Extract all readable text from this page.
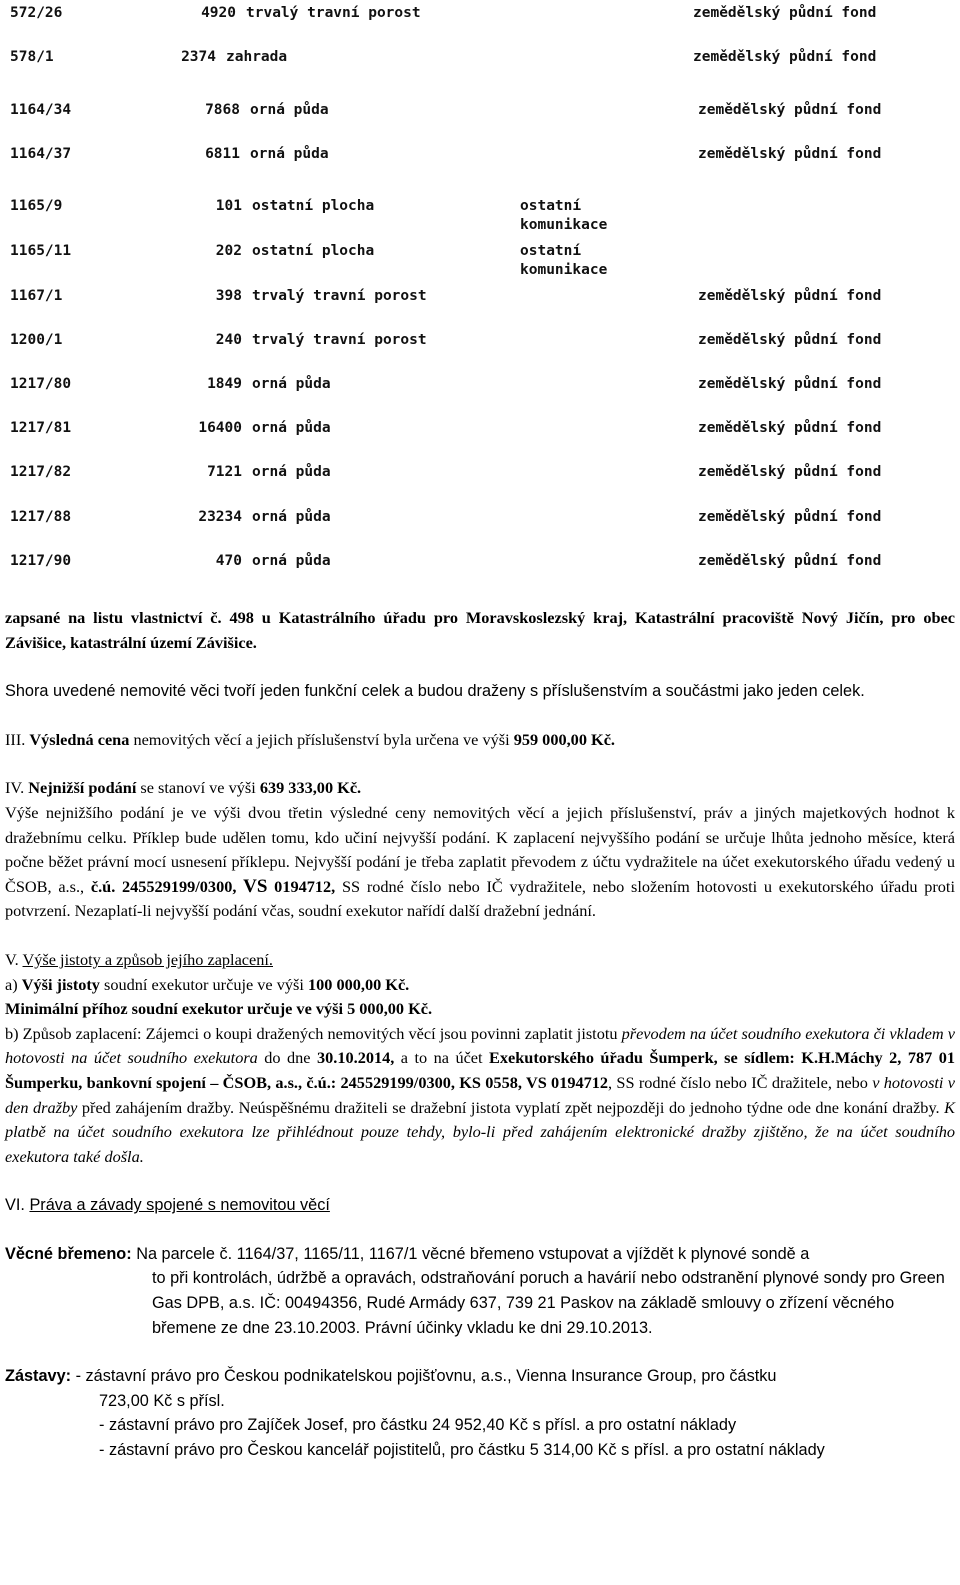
572/26	4920 trvalý travní porost	zemědělský půdní fond
578/1	2374 zahrada	zemědělský půdní fond
1164/34	7868 orná půda	zemědělský půdní fond
1164/37	6811 orná půda	zemědělský půdní fond
1165/9	101 ostatní plocha	ostatní komunikace
1165/11	202 ostatní plocha	ostatní komunikace
1167/1	398 trvalý travní porost	zemědělský půdní fond
1200/1	240 trvalý travní porost	zemědělský půdní fond
1217/80	1849 orná půda	zemědělský půdní fond
1217/81	16400 orná půda	zemědělský půdní fond
1217/82	7121 orná půda	zemědělský půdní fond
1217/88	23234 orná půda	zemědělský půdní fond
1217/90	470 orná půda	zemědělský půdní fond

zapsané na listu vlastnictví č. 498 u Katastrálního úřadu pro Moravskoslezský kraj, Katastrální pracoviště Nový Jičín, pro obec Závišice, katastrální území Závišice.

Shora uvedené nemovité věci tvoří jeden funkční celek a budou draženy s příslušenstvím a součástmi jako jeden celek.

III. Výsledná cena nemovitých věcí a jejich příslušenství byla určena ve výši 959 000,00 Kč.

IV. Nejnižší podání se stanoví ve výši 639 333,00 Kč.

Výše nejnižšího podání je ve výši dvou třetin výsledné ceny nemovitých věcí a jejich příslušenství, práv a jiných majetkových hodnot k dražebnímu celku. Příklep bude udělen tomu, kdo učiní nejvyšší podání. K zaplacení nejvyššího podání se určuje lhůta jednoho měsíce, která počne běžet právní mocí usnesení příklepu. Nejvyšší podání je třeba zaplatit převodem z účtu vydražitele na účet exekutorského úřadu vedený u ČSOB, a.s., č.ú. 245529199/0300, VS 0194712, SS rodné číslo nebo IČ vydražitele, nebo složením hotovosti u exekutorského úřadu proti potvrzení. Nezaplatí-li nejvyšší podání včas, soudní exekutor nařídí další dražební jednání.

V. Výše jistoty a způsob jejího zaplacení.

a) Výši jistoty soudní exekutor určuje ve výši 100 000,00 Kč.

Minimální příhoz soudní exekutor určuje ve výši 5 000,00 Kč.

b) Způsob zaplacení: Zájemci o koupi dražených nemovitých věcí jsou povinni zaplatit jistotu převodem na účet soudního exekutora či vkladem v hotovosti na účet soudního exekutora do dne 30.10.2014, a to na účet Exekutorského úřadu Šumperk, se sídlem: K.H.Máchy 2, 787 01 Šumperku, bankovní spojení – ČSOB, a.s., č.ú.: 245529199/0300, KS 0558, VS 0194712, SS rodné číslo nebo IČ dražitele, nebo v hotovosti v den dražby před zahájením dražby. Neúspěšnému dražiteli se dražební jistota vyplatí zpět nejpozději do jednoho týdne ode dne konání dražby. K platbě na účet soudního exekutora lze přihlédnout pouze tehdy, bylo-li před zahájením elektronické dražby zjištěno, že na účet soudního exekutora také došla.

VI. Práva a závady spojené s nemovitou věcí

Věcné břemeno: Na parcele č. 1164/37, 1165/11, 1167/1 věcné břemeno vstupovat a vjíždět k plynové sondě a
to při kontrolách, údržbě a opravách, odstraňování poruch a havárií nebo odstranění plynové sondy pro Green Gas DPB, a.s. IČ: 00494356, Rudé Armády 637, 739 21 Paskov na základě smlouvy o zřízení věcného břemene ze dne 23.10.2003. Právní účinky vkladu ke dni 29.10.2013.

Zástavy: - zástavní právo pro Českou podnikatelskou pojišťovnu, a.s., Vienna Insurance Group, pro částku
723,00 Kč s přísl.
- zástavní právo pro Zajíček Josef, pro částku 24 952,40 Kč s přísl. a pro ostatní náklady
- zástavní právo pro Českou kancelář pojistitelů, pro částku 5 314,00 Kč s přísl. a pro ostatní náklady
